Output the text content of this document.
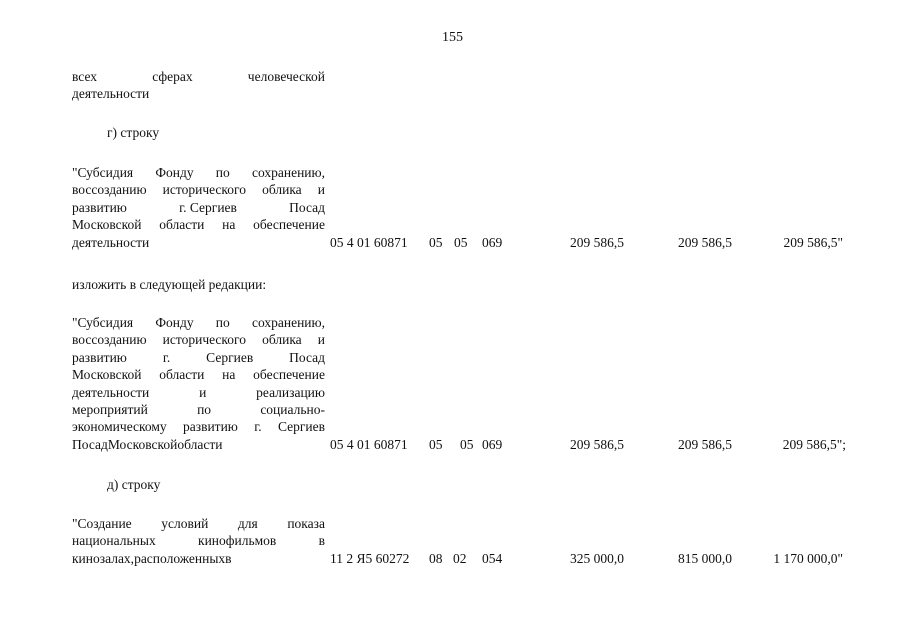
155
всех	сферах	человеческой
деятельности
г) строку
"Субсидия Фонду по сохранению,
воссозданию исторического облика и
развитию	г. Сергиев	Посад
Московской области на обеспечение
деятельности	05 4 01 60871 05 05 069	209 586,5	209 586,5	209 586,5"
изложить в следующей редакции:
"Субсидия Фонду по сохранению,
воссозданию исторического облика и
развитию	г.	Сергиев	Посад
Московской области на обеспечение
деятельности	и	реализацию
мероприятий	по	социально-
экономическому развитию г. Сергиев
Посад Московской области	05 4 01 60871 05 05 069	209 586,5	209 586,5	209 586,5";
д) строку
"Создание условий для показа
национальных	кинофильмов	в
кинозалах, расположенных в	11 2 Я5 60272 08 02 054	325 000,0	815 000,0	1 170 000,0"
